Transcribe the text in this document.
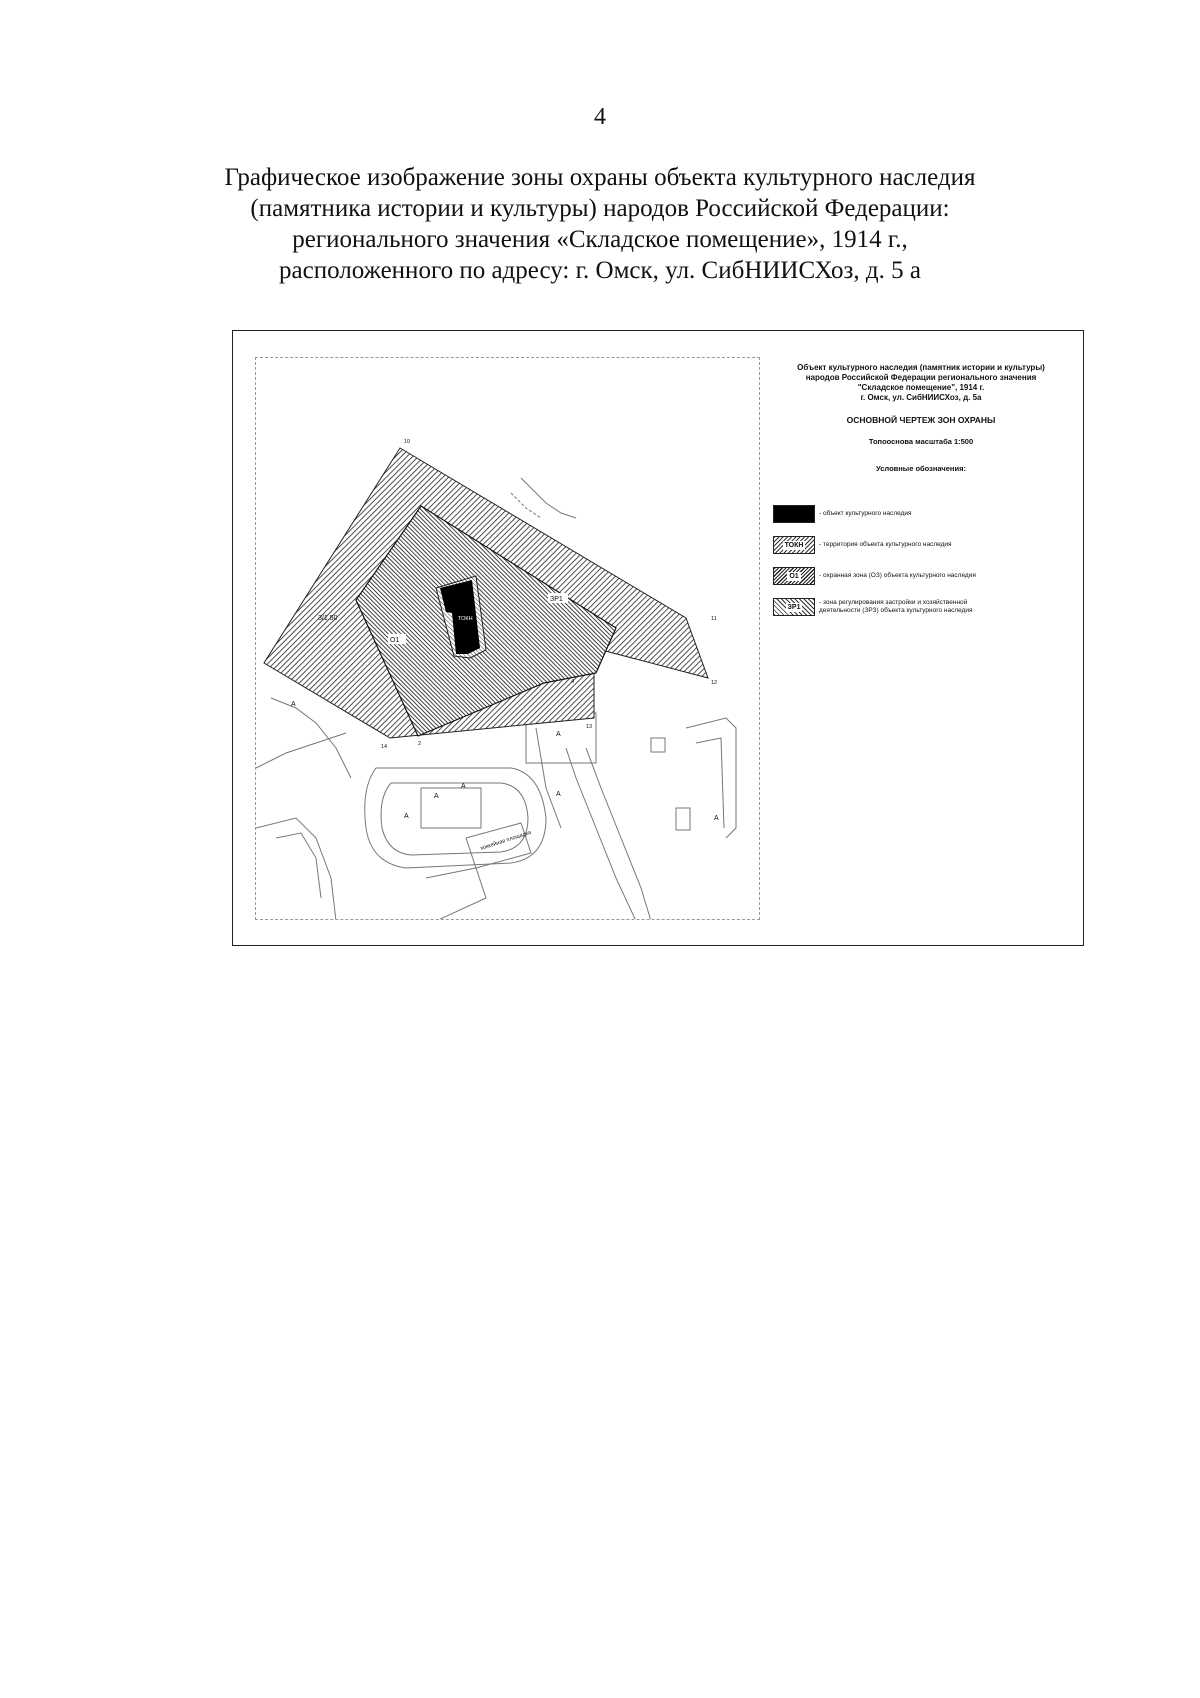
4
Графическое изображение зоны охраны объекта культурного наследия
(памятника истории и культуры) народов Российской Федерации:
регионального значения «Складское помещение», 1914 г.,
расположенного по адресу: г. Омск, ул. СибНИИСХоз, д. 5 а
О1
ЗР1
ТОКН
3/1.50
10
11
12
13
14	2
4
А
А
А
А
А
А
А
хоккейная площадка
Объект культурного наследия (памятник истории и культуры)
народов Российской Федерации регионального значения
"Складское помещение", 1914 г.
г. Омск, ул. СибНИИСХоз, д. 5а
ОСНОВНОЙ ЧЕРТЕЖ ЗОН ОХРАНЫ
Топооснова масштаба 1:500
Условные обозначения:
- объект культурного наследия
ТОКН	- территория объекта культурного наследия
О1	- охранная зона (ОЗ) объекта культурного наследия
ЗР1
- зона регулирования застройки и хозяйственной
деятельности (ЗРЗ) объекта культурного наследия
